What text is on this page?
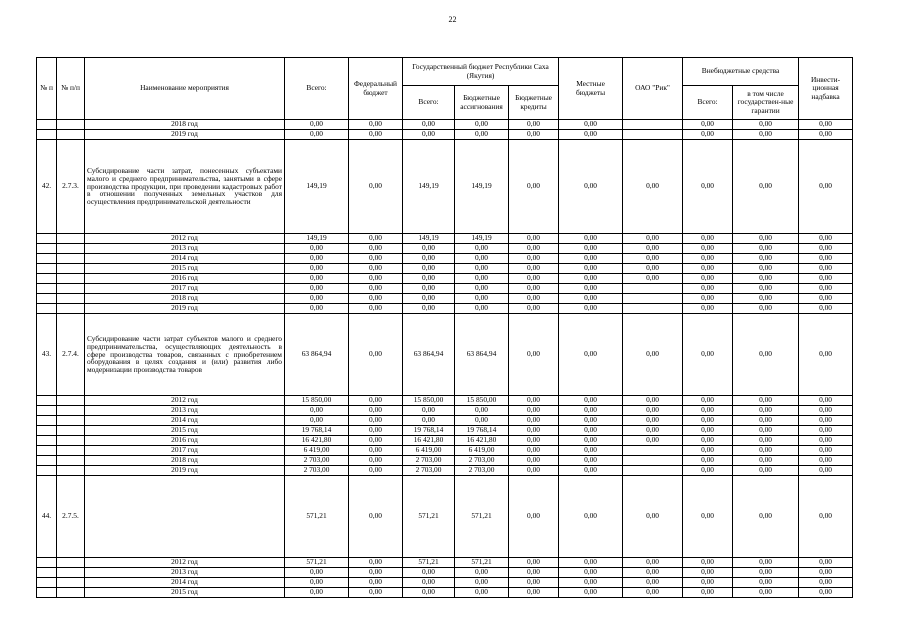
22
№ п	№ п/п	Наименование мероприятия	Всего:	Федеральный бюджет	Государственный бюджет Республики Саха (Якутия)			Местные бюджеты	ОАО "Рик"	Внебюджетные средства		Инвести-ционная надбавка
					Всего:	Бюджетные ассигнования	Бюджетные кредиты			Всего:	в том числе государствен-ные гарантии	
		2018 год	0,00	0,00	0,00	0,00	0,00	0,00		0,00	0,00	0,00
		2019 год	0,00	0,00	0,00	0,00	0,00	0,00		0,00	0,00	0,00
42.	2.7.3.	Субсидирование части затрат, понесенных субъектами малого и среднего предпринимательства, занятыми в сфере производства продукции, при проведении кадастровых работ в отношении полученных земельных участков для осуществления предпринимательской деятельности	149,19	0,00	149,19	149,19	0,00	0,00	0,00	0,00	0,00	0,00
		2012 год	149,19	0,00	149,19	149,19	0,00	0,00	0,00	0,00	0,00	0,00
		2013 год	0,00	0,00	0,00	0,00	0,00	0,00	0,00	0,00	0,00	0,00
		2014 год	0,00	0,00	0,00	0,00	0,00	0,00	0,00	0,00	0,00	0,00
		2015 год	0,00	0,00	0,00	0,00	0,00	0,00	0,00	0,00	0,00	0,00
		2016 год	0,00	0,00	0,00	0,00	0,00	0,00	0,00	0,00	0,00	0,00
		2017 год	0,00	0,00	0,00	0,00	0,00	0,00		0,00	0,00	0,00
		2018 год	0,00	0,00	0,00	0,00	0,00	0,00		0,00	0,00	0,00
		2019 год	0,00	0,00	0,00	0,00	0,00	0,00		0,00	0,00	0,00
43.	2.7.4.	Субсидирование части затрат субъектов малого и среднего предпринимательства, осуществляющих деятельность в сфере производства товаров, связанных с приобретением оборудования в целях создания и (или) развития либо модернизации производства товаров	63 864,94	0,00	63 864,94	63 864,94	0,00	0,00	0,00	0,00	0,00	0,00
		2012 год	15 850,00	0,00	15 850,00	15 850,00	0,00	0,00	0,00	0,00	0,00	0,00
		2013 год	0,00	0,00	0,00	0,00	0,00	0,00	0,00	0,00	0,00	0,00
		2014 год	0,00	0,00	0,00	0,00	0,00	0,00	0,00	0,00	0,00	0,00
		2015 год	19 768,14	0,00	19 768,14	19 768,14	0,00	0,00	0,00	0,00	0,00	0,00
		2016 год	16 421,80	0,00	16 421,80	16 421,80	0,00	0,00	0,00	0,00	0,00	0,00
		2017 год	6 419,00	0,00	6 419,00	6 419,00	0,00	0,00		0,00	0,00	0,00
		2018 год	2 703,00	0,00	2 703,00	2 703,00	0,00	0,00		0,00	0,00	0,00
		2019 год	2 703,00	0,00	2 703,00	2 703,00	0,00	0,00		0,00	0,00	0,00
44.	2.7.5.		571,21	0,00	571,21	571,21	0,00	0,00	0,00	0,00	0,00	0,00
		2012 год	571,21	0,00	571,21	571,21	0,00	0,00	0,00	0,00	0,00	0,00
		2013 год	0,00	0,00	0,00	0,00	0,00	0,00	0,00	0,00	0,00	0,00
		2014 год	0,00	0,00	0,00	0,00	0,00	0,00	0,00	0,00	0,00	0,00
		2015 год	0,00	0,00	0,00	0,00	0,00	0,00	0,00	0,00	0,00	0,00
